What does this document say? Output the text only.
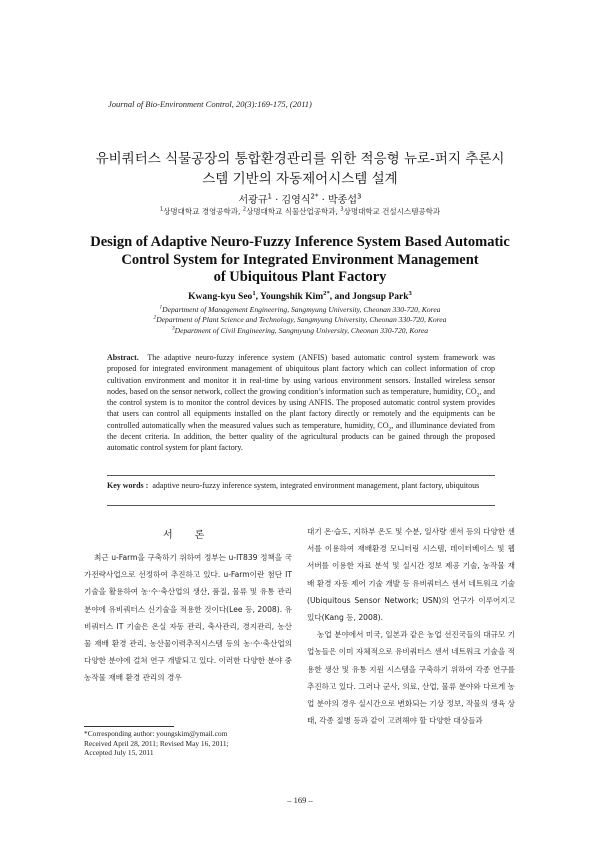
Journal of Bio-Environment Control, 20(3):169-175, (2011)
유비쿼터스 식물공장의 통합환경관리를 위한 적응형 뉴로-퍼지 추론시
스템 기반의 자동제어시스템 설계
서광규$^1$ · 김영식$^{2*}$ · 박종섭$^3$
$^1$상명대학교 경영공학과, $^2$상명대학교 식물산업공학과, $^3$상명대학교 건설시스템공학과
Design of Adaptive Neuro-Fuzzy Inference System Based Automatic
Control System for Integrated Environment Management
of Ubiquitous Plant Factory
Kwang-kyu Seo$^1$, Youngshik Kim$^{2*}$, and Jongsup Park$^3$
$^1$Department of Management Engineering, Sangmyung University, Cheonan 330-720, Korea
$^2$Department of Plant Science and Technology, Sangmyung University, Cheonan 330-720, Korea
$^3$Department of Civil Engineering, Sangmyung University, Cheonan 330-720, Korea
Abstract. The adaptive neuro-fuzzy inference system (ANFIS) based automatic control system framework was proposed for integrated environment management of ubiquitous plant factory which can collect information of crop cultivation environment and monitor it in real-time by using various environment sensors. Installed wireless sensor nodes, based on the sensor network, collect the growing condition’s information such as temperature, humidity, $CO_2$, and the control system is to monitor the control devices by using ANFIS. The proposed automatic control system provides that users can control all equipments installed on the plant factory directly or remotely and the equipments can be controlled automatically when the measured values such as temperature, humidity, $CO_2$, and illuminance deviated from the decent criteria. In addition, the better quality of the agricultural products can be gained through the proposed automatic control system for plant factory.
Key words : adaptive neuro-fuzzy inference system, integrated environment management, plant factory, ubiquitous
서론

최근 u-Farm을 구축하기 위하여 정부는 u-IT839 정책을 국가전략사업으로 선정하여 추진하고 있다. u-Farm이란 첨단 IT 기술을 활용하여 농·수·축산업의 생산, 품질, 물류 및 유통 관리 분야에 유비쿼터스 신기술을 적용한 것이다(Lee 등, 2008). 유비쿼터스 IT 기술은 온실 자동 관리, 축사관리, 경지관리, 농산물 재배 환경 관리, 농산물이력추적시스템 등의 농·수·축산업의 다양한 분야에 걸쳐 연구 개발되고 있다. 이러한 다양한 분야 중 농작물 재배 환경 관리의 경우

대기 온·습도, 지하부 온도 및 수분, 일사량 센서 등의 다양한 센서를 이용하여 재배환경 모니터링 시스템, 데이터베이스 및 웹 서버를 이용한 자료 분석 및 실시간 정보 제공 기술, 농작물 재배 환경 자동 제어 기술 개발 등 유비쿼터스 센서 네트워크 기술(Ubiquitous Sensor Network; USN)의 연구가 이루어지고 있다(Kang 등, 2008).

농업 분야에서 미국, 일본과 같은 농업 선진국들의 대규모 기업농들은 이미 자체적으로 유비쿼터스 센서 네트워크 기술을 적용한 생산 및 유통 지원 시스템을 구축하기 위하여 각종 연구를 추진하고 있다. 그러나 군사, 의료, 산업, 물류 분야와 다르게 농업 분야의 경우 실시간으로 변화되는 기상 정보, 작물의 생육 상태, 각종 질병 등과 같이 고려해야 할 다양한 대상들과

*Corresponding author: youngskim@ymail.com
Received April 28, 2011; Revised May 16, 2011;
Accepted July 15, 2011
– 169 –
